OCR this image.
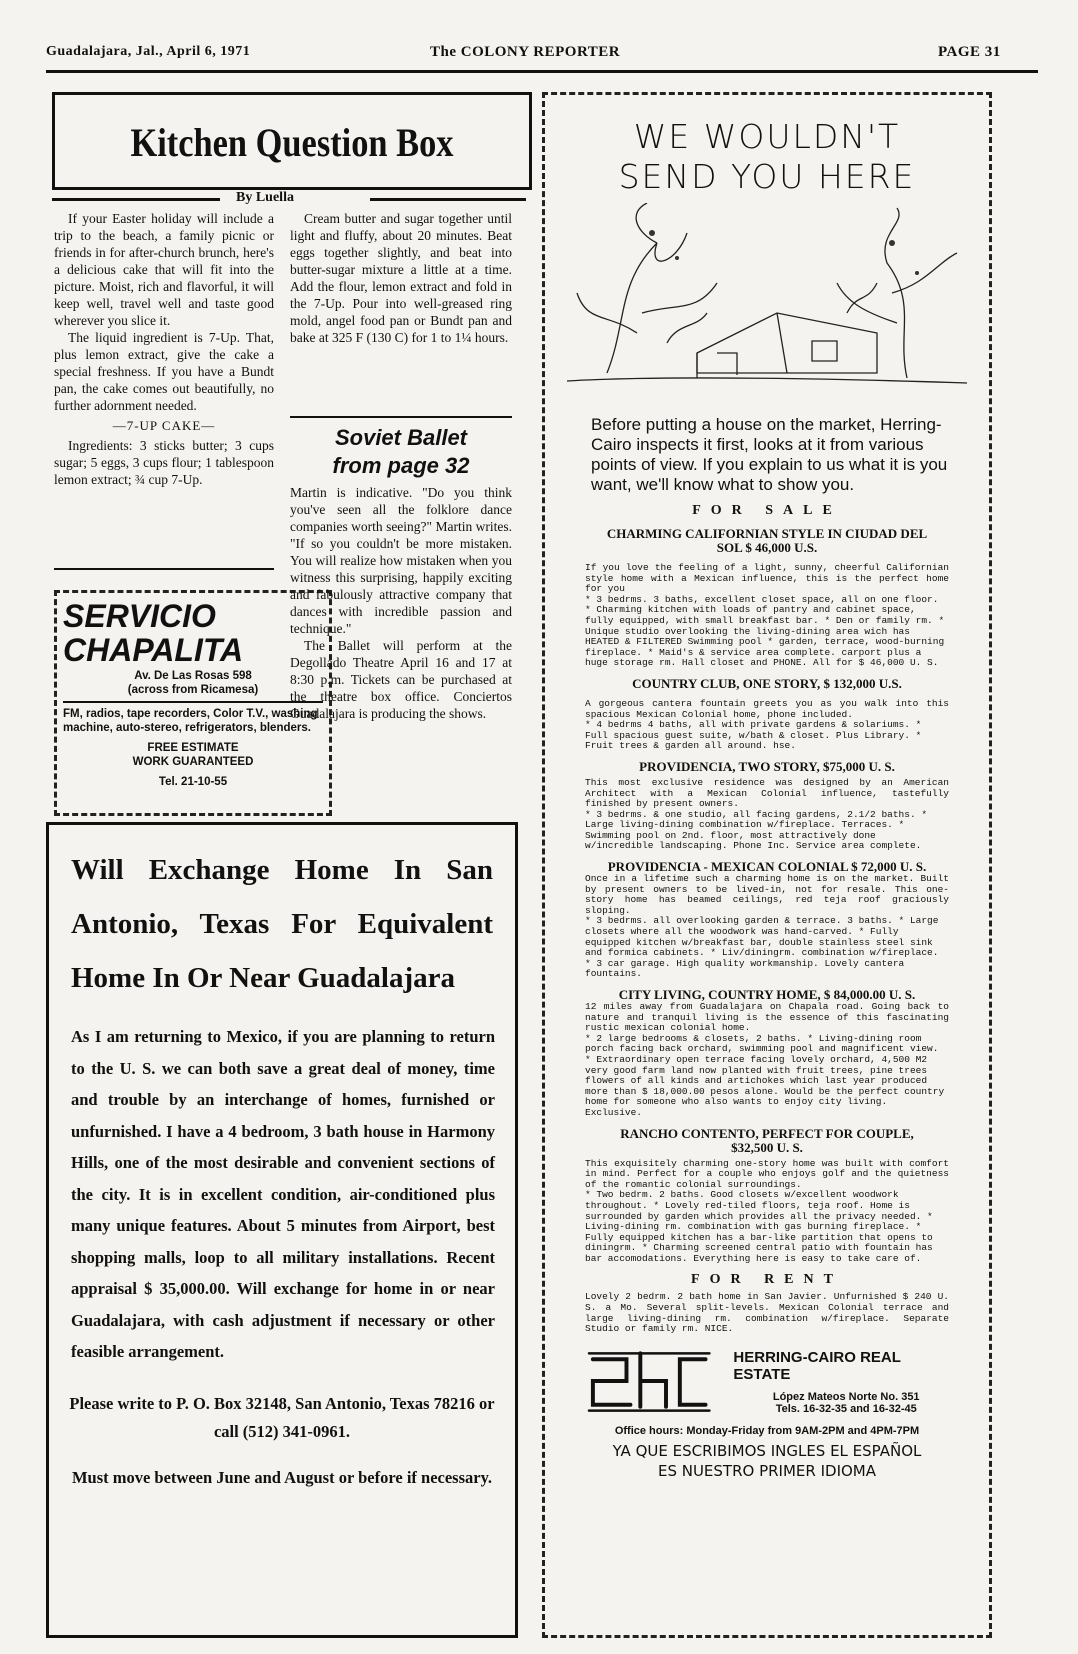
Guadalajara, Jal., April 6, 1971	The COLONY REPORTER	PAGE 31
Kitchen Question Box
By Luella

If your Easter holiday will include a trip to the beach, a family picnic or friends in for after-church brunch, here's a delicious cake that will fit into the picture. Moist, rich and flavorful, it will keep well, travel well and taste good wherever you slice it.

The liquid ingredient is 7-Up. That, plus lemon extract, give the cake a special freshness. If you have a Bundt pan, the cake comes out beautifully, no further adornment needed.

—7-UP CAKE—

Ingredients: 3 sticks butter; 3 cups sugar; 5 eggs, 3 cups flour; 1 tablespoon lemon extract; ¾ cup 7-Up.

Cream butter and sugar together until light and fluffy, about 20 minutes. Beat eggs together slightly, and beat into butter-sugar mixture a little at a time. Add the flour, lemon extract and fold in the 7-Up. Pour into well-greased ring mold, angel food pan or Bundt pan and bake at 325 F (130 C) for 1 to 1¼ hours.

SERVICIO
CHAPALITA
Av. De Las Rosas 598
(across from Ricamesa)
FM, radios, tape recorders, Color T.V., washing machine, auto-stereo, refrigerators, blenders.
FREE ESTIMATE
WORK GUARANTEED
Tel. 21-10-55
Soviet Ballet
from page 32

Martin is indicative. "Do you think you've seen all the folklore dance companies worth seeing?" Martin writes. "If so you couldn't be more mistaken. You will realize how mistaken when you witness this surprising, happily exciting and fabulously attractive company that dances with incredible passion and technique."

The Ballet will perform at the Degollado Theatre April 16 and 17 at 8:30 p.m. Tickets can be purchased at the theatre box office. Conciertos Guadalajara is producing the shows.

Will Exchange Home In San Antonio, Texas For Equivalent Home In Or Near Guadalajara
As I am returning to Mexico, if you are planning to return to the U. S. we can both save a great deal of money, time and trouble by an interchange of homes, furnished or unfurnished. I have a 4 bedroom, 3 bath house in Harmony Hills, one of the most desirable and convenient sections of the city. It is in excellent condition, air-conditioned plus many unique features. About 5 minutes from Airport, best shopping malls, loop to all military installations. Recent appraisal $ 35,000.00. Will exchange for home in or near Guadalajara, with cash adjustment if necessary or other feasible arrangement.
Please write to P. O. Box 32148, San Antonio, Texas 78216 or call (512) 341-0961.
Must move between June and August or before if necessary.
WE WOULDN'T
SEND YOU HERE
Before putting a house on the market, Herring-Cairo inspects it first, looks at it from various points of view. If you explain to us what it is you want, we'll know what to show you.
FOR SALE
CHARMING CALIFORNIAN STYLE IN CIUDAD DEL SOL $ 46,000 U.S.
If you love the feeling of a light, sunny, cheerful Californian style home with a Mexican influence, this is the perfect home for you
* 3 bedrms. 3 baths, excellent closet space, all on one floor. * Charming kitchen with loads of pantry and cabinet space, fully equipped, with small breakfast bar. * Den or family rm. * Unique studio overlooking the living-dining area wich has HEATED & FILTERED Swimming pool * garden, terrace, wood-burning fireplace. * Maid's & service area complete. carport plus a huge storage rm. Hall closet and PHONE. All for $ 46,000 U. S.
COUNTRY CLUB, ONE STORY, $ 132,000 U.S.
A gorgeous cantera fountain greets you as you walk into this spacious Mexican Colonial home, phone included.
* 4 bedrms 4 baths, all with private gardens & solariums. * Full spacious guest suite, w/bath & closet. Plus Library. * Fruit trees & garden all around. hse.
PROVIDENCIA, TWO STORY, $75,000 U. S.
This most exclusive residence was designed by an American Architect with a Mexican Colonial influence, tastefully finished by present owners.
* 3 bedrms. & one studio, all facing gardens, 2.1/2 baths. * Large living-dining combination w/fireplace. Terraces. * Swimming pool on 2nd. floor, most attractively done w/incredible landscaping. Phone Inc. Service area complete.
PROVIDENCIA - MEXICAN COLONIAL $ 72,000 U. S.
Once in a lifetime such a charming home is on the market. Built by present owners to be lived-in, not for resale. This one-story home has beamed ceilings, red teja roof graciously sloping.
* 3 bedrms. all overlooking garden & terrace. 3 baths. * Large closets where all the woodwork was hand-carved. * Fully equipped kitchen w/breakfast bar, double stainless steel sink and formica cabinets. * Liv/diningrm. combination w/fireplace. * 3 car garage. High quality workmanship. Lovely cantera fountains.
CITY LIVING, COUNTRY HOME, $ 84,000.00 U. S.
12 miles away from Guadalajara on Chapala road. Going back to nature and tranquil living is the essence of this fascinating rustic mexican colonial home.
* 2 large bedrooms & closets, 2 baths. * Living-dining room porch facing back orchard, swimming pool and magnificent view. * Extraordinary open terrace facing lovely orchard, 4,500 M2 very good farm land now planted with fruit trees, pine trees flowers of all kinds and artichokes which last year produced more than $ 18,000.00 pesos alone. Would be the perfect country home for someone who also wants to enjoy city living. Exclusive.
RANCHO CONTENTO, PERFECT FOR COUPLE, $32,500 U. S.
This exquisitely charming one-story home was built with comfort in mind. Perfect for a couple who enjoys golf and the quietness of the romantic colonial surroundings.
* Two bedrm. 2 baths. Good closets w/excellent woodwork throughout. * Lovely red-tiled floors, teja roof. Home is surrounded by garden which provides all the privacy needed. * Living-dining rm. combination with gas burning fireplace. * Fully equipped kitchen has a bar-like partition that opens to diningrm. * Charming screened central patio with fountain has bar accomodations. Everything here is easy to take care of.
FOR RENT
Lovely 2 bedrm. 2 bath home in San Javier. Unfurnished $ 240 U. S. a Mo. Several split-levels. Mexican Colonial terrace and large living-dining rm. combination w/fireplace. Separate Studio or family rm. NICE.
HERRING-CAIRO REAL ESTATE
López Mateos Norte No. 351
Tels. 16-32-35 and 16-32-45
Office hours: Monday-Friday from 9AM-2PM and 4PM-7PM
YA QUE ESCRIBIMOS INGLES EL ESPAÑOL
ES NUESTRO PRIMER IDIOMA
